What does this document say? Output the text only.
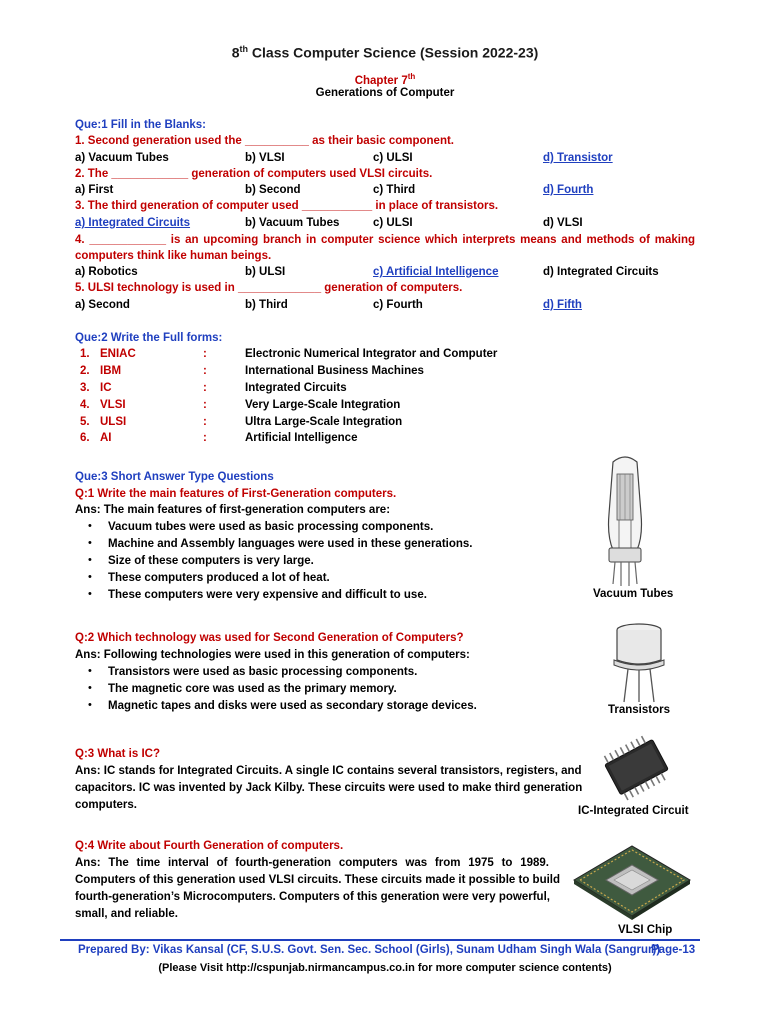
8th Class Computer Science (Session 2022-23)
Chapter 7th
Generations of Computer
Que:1 Fill in the Blanks:
1. Second generation used the __________ as their basic component.
a) Vacuum Tubes	b) VLSI	c) ULSI	d) Transistor
2. The ____________ generation of computers used VLSI circuits.
a) First	b) Second	c) Third	d) Fourth
3. The third generation of computer used ___________ in place of transistors.
a) Integrated Circuits	b) Vacuum Tubes	c) ULSI	d) VLSI
4. ____________ is an upcoming branch in computer science which interprets means and methods of making
computers think like human beings.
a) Robotics	b) ULSI	c) Artificial Intelligence	d) Integrated Circuits
5. ULSI technology is used in _____________ generation of computers.
a) Second	b) Third	c) Fourth	d) Fifth
Que:2 Write the Full forms:
1. ENIAC	:	Electronic Numerical Integrator and Computer
2. IBM	:	International Business Machines
3. IC	:	Integrated Circuits
4. VLSI	:	Very Large-Scale Integration
5. ULSI	:	Ultra Large-Scale Integration
6. AI	:	Artificial Intelligence
Que:3 Short Answer Type Questions
Q:1 Write the main features of First-Generation computers.
Ans: The main features of first-generation computers are:
• Vacuum tubes were used as basic processing components.
• Machine and Assembly languages were used in these generations.
• Size of these computers is very large.
• These computers produced a lot of heat.
• These computers were very expensive and difficult to use.	Vacuum Tubes
Q:2 Which technology was used for Second Generation of Computers?
Ans: Following technologies were used in this generation of computers:
• Transistors were used as basic processing components.
• The magnetic core was used as the primary memory.
• Magnetic tapes and disks were used as secondary storage devices.	Transistors
Q:3 What is IC?
Ans: IC stands for Integrated Circuits. A single IC contains several transistors, registers, and
capacitors. IC was invented by Jack Kilby. These circuits were used to make third generation
computers.	IC-Integrated Circuit
Q:4 Write about Fourth Generation of computers.
Ans: The time interval of fourth-generation computers was from 1975 to 1989.
Computers of this generation used VLSI circuits. These circuits made it possible to build
fourth-generation’s Microcomputers. Computers of this generation were very powerful,
small, and reliable.
VLSI Chip
Prepared By: Vikas Kansal (CF, S.U.S. Govt. Sen. Sec. School (Girls), Sunam Udham Singh Wala (Sangrur))
Page-13
(Please Visit http://cspunjab.nirmancampus.co.in for more computer science contents)
